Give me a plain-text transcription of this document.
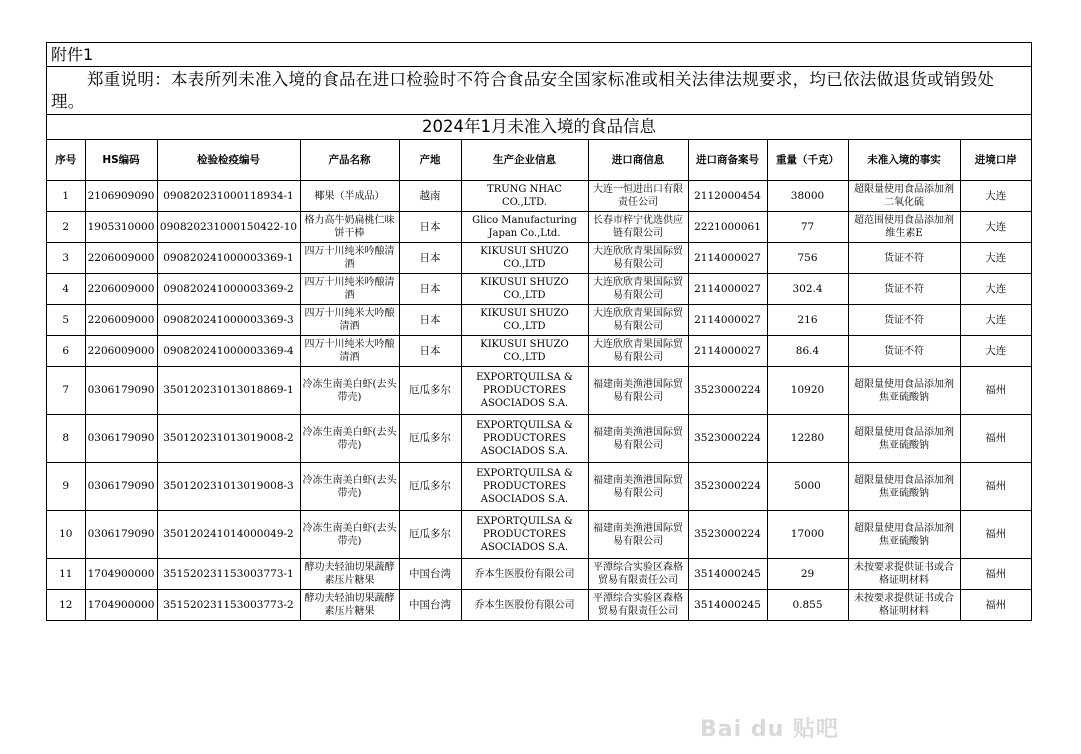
附件1
郑重说明：本表所列未准入境的食品在进口检验时不符合食品安全国家标准或相关法律法规要求，均已依法做退货或销毁处理。
2024年1月未准入境的食品信息
序号	HS编码	检验检疫编号	产品名称	产地	生产企业信息	进口商信息	进口商备案号	重量（千克）	未准入境的事实	进境口岸
1	2106909090	090820231000118934-1	椰果（半成品）	越南	TRUNG NHAC CO.,LTD.	大连一恒进出口有限责任公司	2112000454	38000	超限量使用食品添加剂二氧化硫	大连
2	1905310000	090820231000150422-10	格力高牛奶扁桃仁味饼干棒	日本	Glico Manufacturing Japan Co.,Ltd.	长春市梓宁优选供应链有限公司	2221000061	77	超范围使用食品添加剂维生素E	大连
3	2206009000	090820241000003369-1	四万十川纯米吟酿清酒	日本	KIKUSUI SHUZO CO.,LTD	大连欣欣青果国际贸易有限公司	2114000027	756	货证不符	大连
4	2206009000	090820241000003369-2	四万十川纯米吟酿清酒	日本	KIKUSUI SHUZO CO.,LTD	大连欣欣青果国际贸易有限公司	2114000027	302.4	货证不符	大连
5	2206009000	090820241000003369-3	四万十川纯米大吟酿清酒	日本	KIKUSUI SHUZO CO.,LTD	大连欣欣青果国际贸易有限公司	2114000027	216	货证不符	大连
6	2206009000	090820241000003369-4	四万十川纯米大吟酿清酒	日本	KIKUSUI SHUZO CO.,LTD	大连欣欣青果国际贸易有限公司	2114000027	86.4	货证不符	大连
7	0306179090	350120231013018869-1	冷冻生南美白虾(去头带壳)	厄瓜多尔	EXPORTQUILSA & PRODUCTORES ASOCIADOS S.A.	福建南美渔港国际贸易有限公司	3523000224	10920	超限量使用食品添加剂焦亚硫酸钠	福州
8	0306179090	350120231013019008-2	冷冻生南美白虾(去头带壳)	厄瓜多尔	EXPORTQUILSA & PRODUCTORES ASOCIADOS S.A.	福建南美渔港国际贸易有限公司	3523000224	12280	超限量使用食品添加剂焦亚硫酸钠	福州
9	0306179090	350120231013019008-3	冷冻生南美白虾(去头带壳)	厄瓜多尔	EXPORTQUILSA & PRODUCTORES ASOCIADOS S.A.	福建南美渔港国际贸易有限公司	3523000224	5000	超限量使用食品添加剂焦亚硫酸钠	福州
10	0306179090	350120241014000049-2	冷冻生南美白虾(去头带壳)	厄瓜多尔	EXPORTQUILSA & PRODUCTORES ASOCIADOS S.A.	福建南美渔港国际贸易有限公司	3523000224	17000	超限量使用食品添加剂焦亚硫酸钠	福州
11	1704900000	351520231153003773-1	酵功夫轻油切果蔬酵素压片糖果	中国台湾	乔本生医股份有限公司	平潭综合实验区森格贸易有限责任公司	3514000245	29	未按要求提供证书或合格证明材料	福州
12	1704900000	351520231153003773-2	酵功夫轻油切果蔬酵素压片糖果	中国台湾	乔本生医股份有限公司	平潭综合实验区森格贸易有限责任公司	3514000245	0.855	未按要求提供证书或合格证明材料	福州
Bai du 贴吧
